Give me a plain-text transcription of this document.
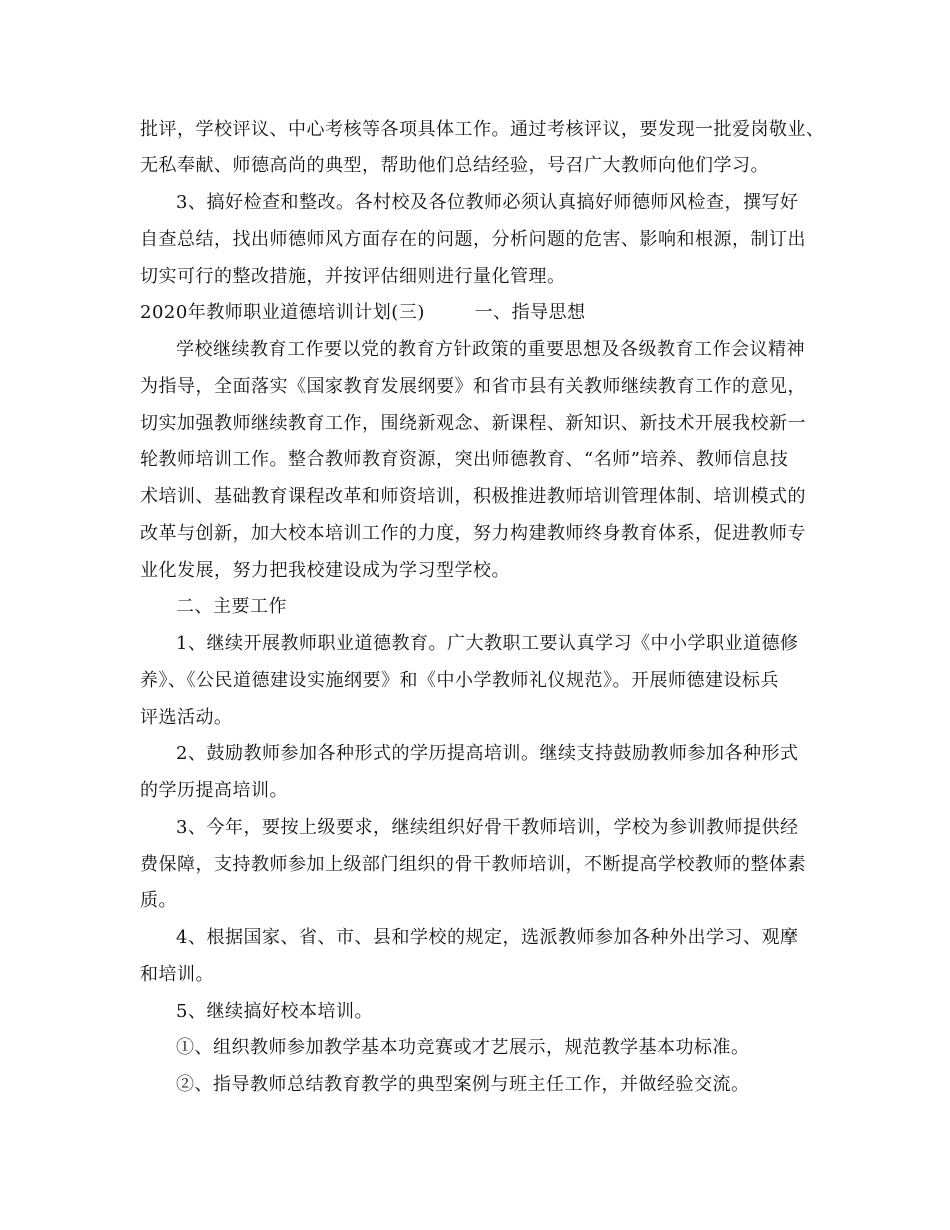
批评，学校评议、中心考核等各项具体工作。通过考核评议，要发现一批爱岗敬业、
无私奉献、师德高尚的典型，帮助他们总结经验，号召广大教师向他们学习。
3、搞好检查和整改。各村校及各位教师必须认真搞好师德师风检查，撰写好
自查总结，找出师德师风方面存在的问题，分析问题的危害、影响和根源，制订出
切实可行的整改措施，并按评估细则进行量化管理。
2020年教师职业道德培训计划(三)        一、指导思想
学校继续教育工作要以党的教育方针政策的重要思想及各级教育工作会议精神
为指导，全面落实《国家教育发展纲要》和省市县有关教师继续教育工作的意见，
切实加强教师继续教育工作，围绕新观念、新课程、新知识、新技术开展我校新一
轮教师培训工作。整合教师教育资源，突出师德教育、“名师”培养、教师信息技
术培训、基础教育课程改革和师资培训，积极推进教师培训管理体制、培训模式的
改革与创新，加大校本培训工作的力度，努力构建教师终身教育体系，促进教师专
业化发展，努力把我校建设成为学习型学校。
二、主要工作
1、继续开展教师职业道德教育。广大教职工要认真学习《中小学职业道德修
养》、《公民道德建设实施纲要》和《中小学教师礼仪规范》。开展师德建设标兵
评选活动。
2、鼓励教师参加各种形式的学历提高培训。继续支持鼓励教师参加各种形式
的学历提高培训。
3、今年，要按上级要求，继续组织好骨干教师培训，学校为参训教师提供经
费保障，支持教师参加上级部门组织的骨干教师培训，不断提高学校教师的整体素
质。
4、根据国家、省、市、县和学校的规定，选派教师参加各种外出学习、观摩
和培训。
5、继续搞好校本培训。
①、组织教师参加教学基本功竞赛或才艺展示，规范教学基本功标准。
②、指导教师总结教育教学的典型案例与班主任工作，并做经验交流。
